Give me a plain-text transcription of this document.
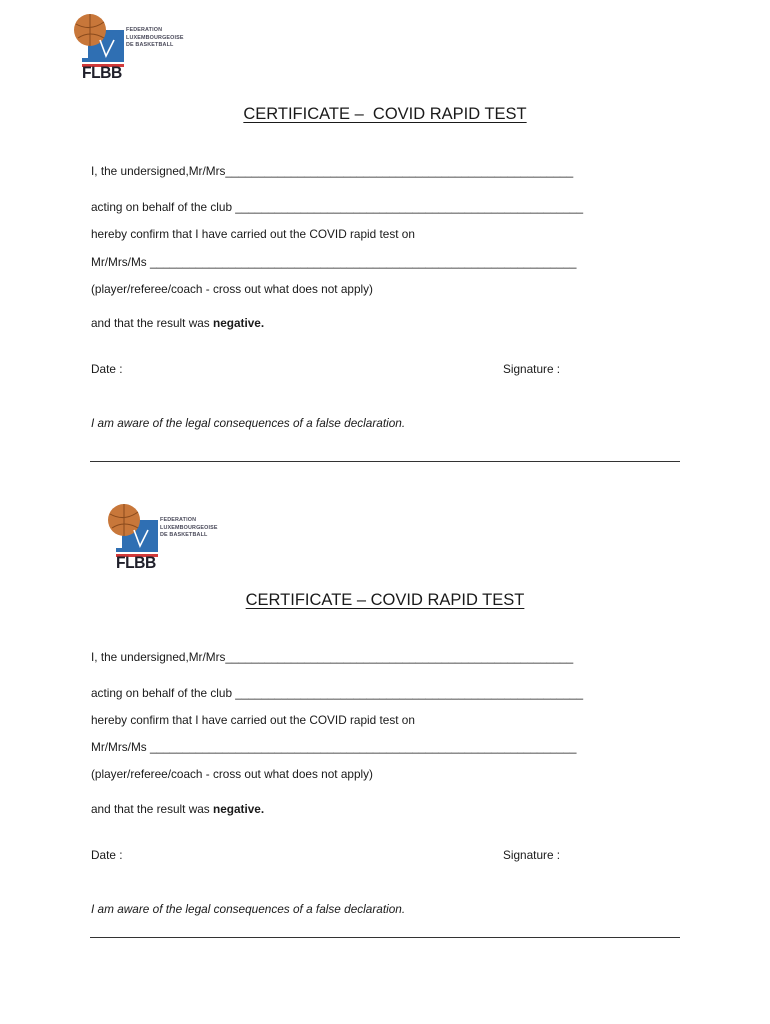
FEDERATION
LUXEMBOURGEOISE
DE BASKETBALL
FLBB
CERTIFICATE –  COVID RAPID TEST
I, the undersigned,Mr/Mrs_____________________________________________________
acting on behalf of the club _____________________________________________________
hereby confirm that I have carried out the COVID rapid test on
Mr/Mrs/Ms _________________________________________________________________
(player/referee/coach - cross out what does not apply)
and that the result was negative.
Date :	Signature :
I am aware of the legal consequences of a false declaration.
FEDERATION
LUXEMBOURGEOISE
DE BASKETBALL
FLBB
CERTIFICATE – COVID RAPID TEST
I, the undersigned,Mr/Mrs_____________________________________________________
acting on behalf of the club _____________________________________________________
hereby confirm that I have carried out the COVID rapid test on
Mr/Mrs/Ms _________________________________________________________________
(player/referee/coach - cross out what does not apply)
and that the result was negative.
Date :	Signature :
I am aware of the legal consequences of a false declaration.
